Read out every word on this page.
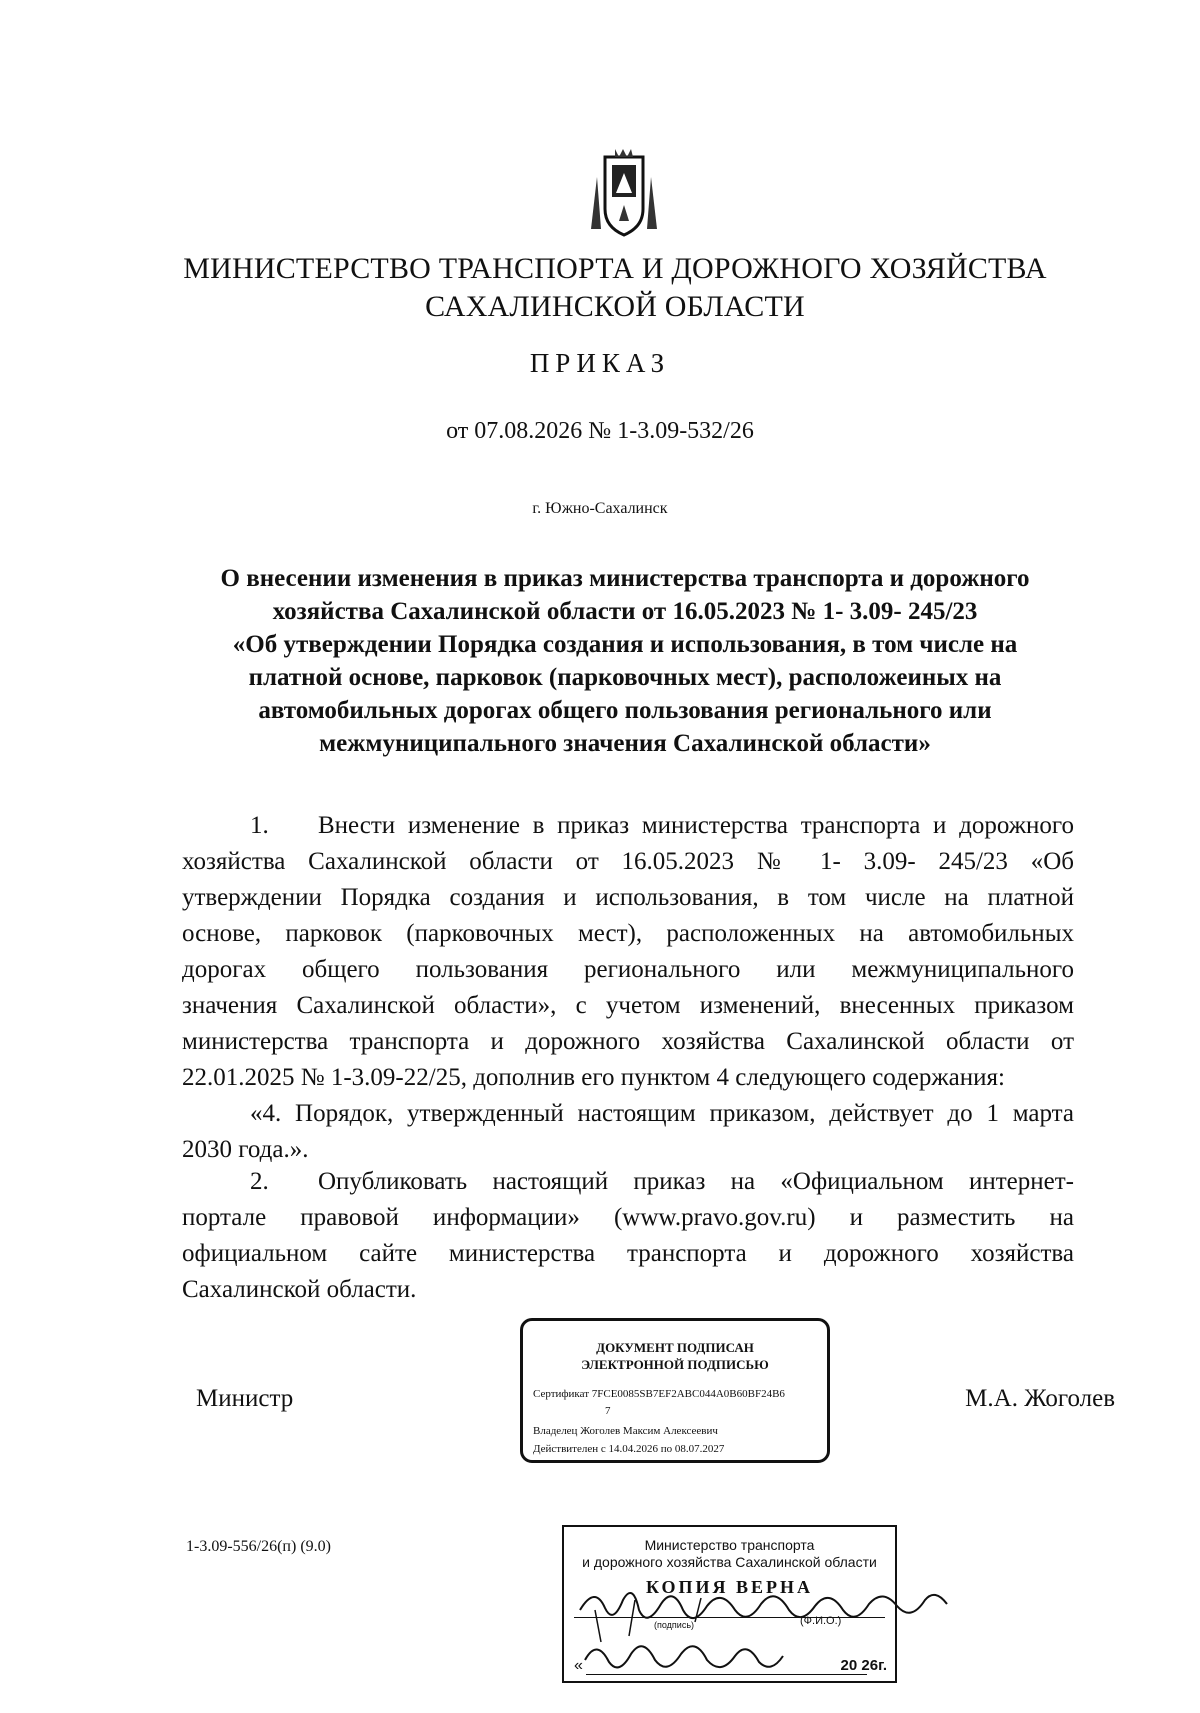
МИНИСТЕРСТВО ТРАНСПОРТА И ДОРОЖНОГО ХОЗЯЙСТВА
САХАЛИНСКОЙ ОБЛАСТИ
ПРИКАЗ
от 07.08.2026 № 1-3.09-532/26
г. Южно-Сахалинск
О внесении изменения в приказ министерства транспорта и дорожного
хозяйства Сахалинской области от 16.05.2023 № 1- 3.09- 245/23
«Об утверждении Порядка создания и использования, в том числе на
платной основе, парковок (парковочных мест), расположеиных на
автомобильных дорогах общего пользования регионального или
межмуниципального значения Сахалинской области»
1. Внести изменение в приказ министерства транспорта и дорожного
хозяйства Сахалинской области от 16.05.2023 № 1- 3.09- 245/23 «Об
утверждении Порядка создания и использования, в том числе на платной
основе, парковок (парковочных мест), расположенных на автомобильных
дорогах общего пользования регионального или межмуниципального
значения Сахалинской области», с учетом изменений, внесенных приказом
министерства транспорта и дорожного хозяйства Сахалинской области от
22.01.2025 № 1-3.09-22/25, дополнив его пунктом 4 следующего содержания:
«4. Порядок, утвержденный настоящим приказом, действует до 1 марта
2030 года.».
2. Опубликовать настоящий приказ на «Официальном интернет-
портале правовой информации» (www.pravo.gov.ru) и разместить на
официальном сайте министерства транспорта и дорожного хозяйства
Сахалинской области.
Министр	М.А. Жоголев
ДОКУМЕНТ ПОДПИСАН
ЭЛЕКТРОННОЙ ПОДПИСЬЮ
Сертификат 7FCE0085SB7EF2ABC044A0B60BF24B6
7
Владелец Жоголев Максим Алексеевич
Действителен с 14.04.2026 по 08.07.2027
1-3.09-556/26(п) (9.0)	Министерство транспорта
и дорожного хозяйства Сахалинской области
КОПИЯ ВЕРНА
(подпись)	(Ф.И.О.)
«	20 26г.
